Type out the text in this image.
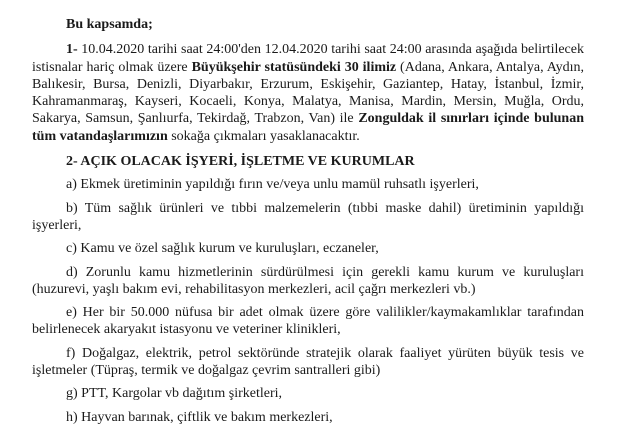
Bu kapsamda;

1- 10.04.2020 tarihi saat 24:00'den 12.04.2020 tarihi saat 24:00 arasında aşağıda belirtilecek istisnalar hariç olmak üzere Büyükşehir statüsündeki 30 ilimiz (Adana, Ankara, Antalya, Aydın, Balıkesir, Bursa, Denizli, Diyarbakır, Erzurum, Eskişehir, Gaziantep, Hatay, İstanbul, İzmir, Kahramanmaraş, Kayseri, Kocaeli, Konya, Malatya, Manisa, Mardin, Mersin, Muğla, Ordu, Sakarya, Samsun, Şanlıurfa, Tekirdağ, Trabzon, Van) ile Zonguldak il sınırları içinde bulunan tüm vatandaşlarımızın sokağa çıkmaları yasaklanacaktır.

2- AÇIK OLACAK İŞYERİ, İŞLETME VE KURUMLAR

a) Ekmek üretiminin yapıldığı fırın ve/veya unlu mamül ruhsatlı işyerleri,

b) Tüm sağlık ürünleri ve tıbbi malzemelerin (tıbbi maske dahil) üretiminin yapıldığı işyerleri,

c) Kamu ve özel sağlık kurum ve kuruluşları, eczaneler,

d) Zorunlu kamu hizmetlerinin sürdürülmesi için gerekli kamu kurum ve kuruluşları (huzurevi, yaşlı bakım evi, rehabilitasyon merkezleri, acil çağrı merkezleri vb.)

e) Her bir 50.000 nüfusa bir adet olmak üzere göre valilikler/kaymakamlıklar tarafından belirlenecek akaryakıt istasyonu ve veteriner klinikleri,

f) Doğalgaz, elektrik, petrol sektöründe stratejik olarak faaliyet yürüten büyük tesis ve işletmeler (Tüpraş, termik ve doğalgaz çevrim santralleri gibi)

g) PTT, Kargolar vb dağıtım şirketleri,

h) Hayvan barınak, çiftlik ve bakım merkezleri,
